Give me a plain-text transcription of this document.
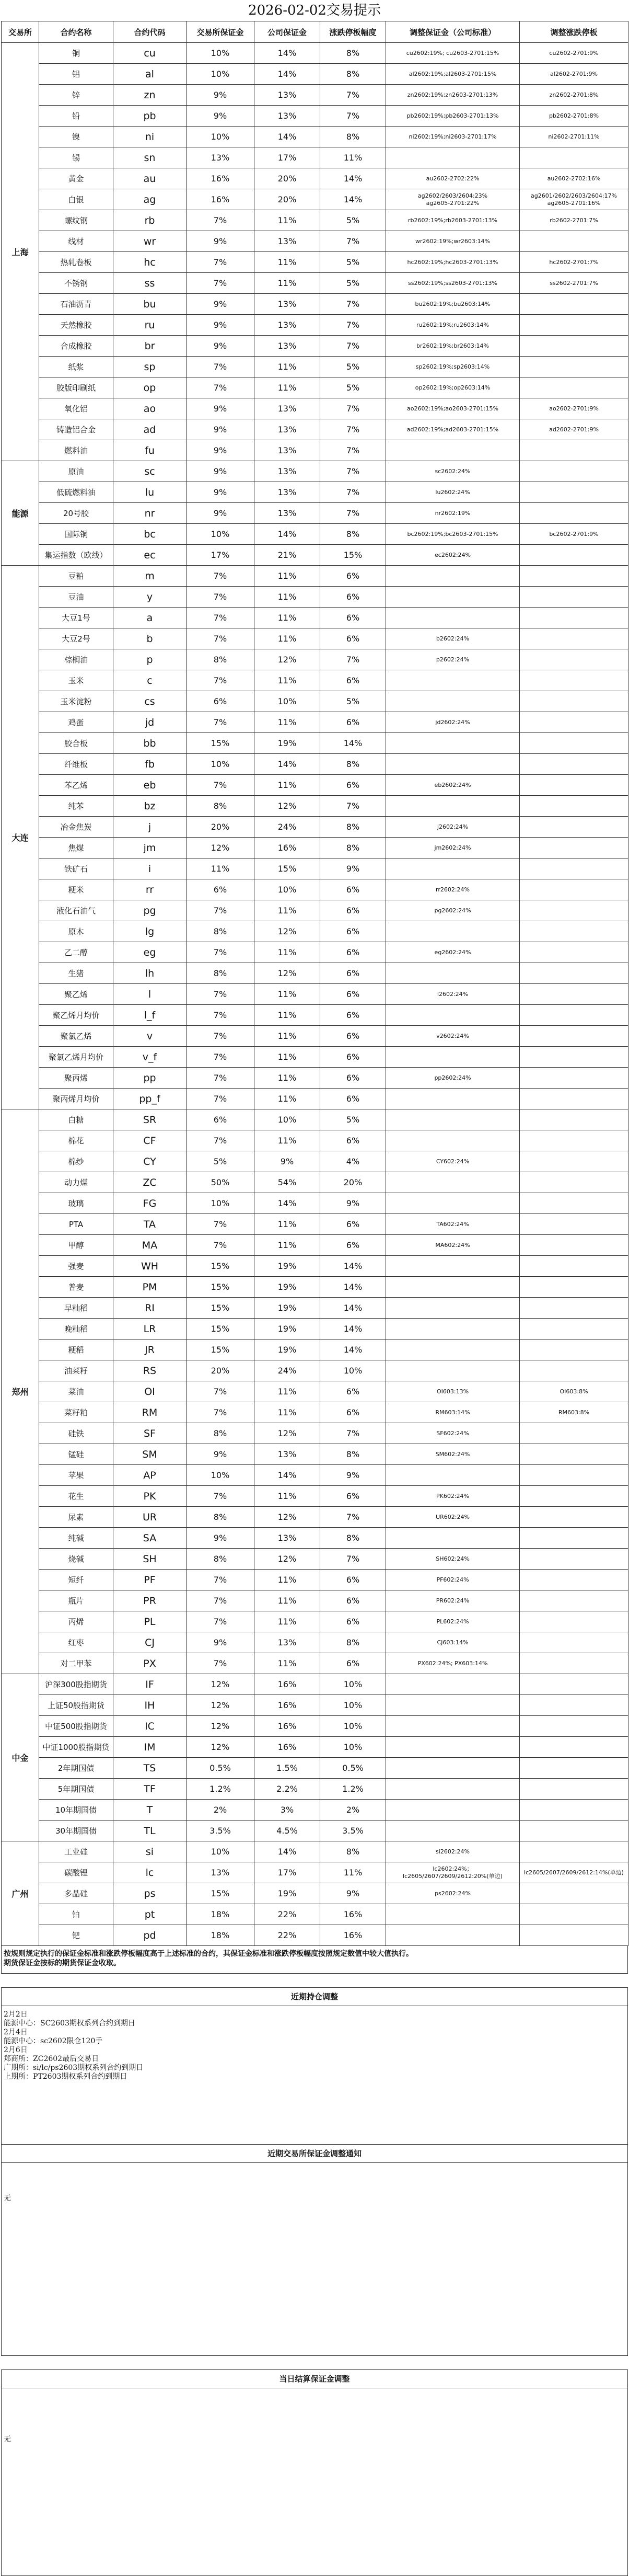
2026-02-02交易提示
交易所	合约名称	合约代码	交易所保证金	公司保证金	涨跌停板幅度	调整保证金（公司标准）	调整涨跌停板
上海	铜	cu	10%	14%	8%	cu2602:19%; cu2603-2701:15%	cu2602-2701:9%
	铝	al	10%	14%	8%	al2602:19%;al2603-2701:15%	al2602-2701:9%
	锌	zn	9%	13%	7%	zn2602:19%;zn2603-2701:13%	zn2602-2701:8%
	铅	pb	9%	13%	7%	pb2602:19%;pb2603-2701:13%	pb2602-2701:8%
	镍	ni	10%	14%	8%	ni2602:19%;ni2603-2701:17%	ni2602-2701:11%
	锡	sn	13%	17%	11%		
	黄金	au	16%	20%	14%	au2602-2702:22%	au2602-2702:16%
	白银	ag	16%	20%	14%	ag2602/2603/2604:23%
ag2605-2701:22%	ag2601/2602/2603/2604:17%
ag2605-2701:16%
	螺纹钢	rb	7%	11%	5%	rb2602:19%;rb2603-2701:13%	rb2602-2701:7%
	线材	wr	9%	13%	7%	wr2602:19%;wr2603:14%	
	热轧卷板	hc	7%	11%	5%	hc2602:19%;hc2603-2701:13%	hc2602-2701:7%
	不锈钢	ss	7%	11%	5%	ss2602:19%;ss2603-2701:13%	ss2602-2701:7%
	石油沥青	bu	9%	13%	7%	bu2602:19%;bu2603:14%	
	天然橡胶	ru	9%	13%	7%	ru2602:19%;ru2603:14%	
	合成橡胶	br	9%	13%	7%	br2602:19%;br2603:14%	
	纸浆	sp	7%	11%	5%	sp2602:19%;sp2603:14%	
	胶版印刷纸	op	7%	11%	5%	op2602:19%;op2603:14%	
	氧化铝	ao	9%	13%	7%	ao2602:19%;ao2603-2701:15%	ao2602-2701:9%
	铸造铝合金	ad	9%	13%	7%	ad2602:19%;ad2603-2701:15%	ad2602-2701:9%
	燃料油	fu	9%	13%	7%		
能源	原油	sc	9%	13%	7%	sc2602:24%	
	低硫燃料油	lu	9%	13%	7%	lu2602:24%	
	20号胶	nr	9%	13%	7%	nr2602:19%	
	国际铜	bc	10%	14%	8%	bc2602:19%;bc2603-2701:15%	bc2602-2701:9%
	集运指数（欧线）	ec	17%	21%	15%	ec2602:24%	
大连	豆粕	m	7%	11%	6%		
	豆油	y	7%	11%	6%		
	大豆1号	a	7%	11%	6%		
	大豆2号	b	7%	11%	6%	b2602:24%	
	棕榈油	p	8%	12%	7%	p2602:24%	
	玉米	c	7%	11%	6%		
	玉米淀粉	cs	6%	10%	5%		
	鸡蛋	jd	7%	11%	6%	jd2602:24%	
	胶合板	bb	15%	19%	14%		
	纤维板	fb	10%	14%	8%		
	苯乙烯	eb	7%	11%	6%	eb2602:24%	
	纯苯	bz	8%	12%	7%		
	冶金焦炭	j	20%	24%	8%	j2602:24%	
	焦煤	jm	12%	16%	8%	jm2602:24%	
	铁矿石	i	11%	15%	9%		
	粳米	rr	6%	10%	6%	rr2602:24%	
	液化石油气	pg	7%	11%	6%	pg2602:24%	
	原木	lg	8%	12%	6%		
	乙二醇	eg	7%	11%	6%	eg2602:24%	
	生猪	lh	8%	12%	6%		
	聚乙烯	l	7%	11%	6%	l2602:24%	
	聚乙烯月均价	l_f	7%	11%	6%		
	聚氯乙烯	v	7%	11%	6%	v2602:24%	
	聚氯乙烯月均价	v_f	7%	11%	6%		
	聚丙烯	pp	7%	11%	6%	pp2602:24%	
	聚丙烯月均价	pp_f	7%	11%	6%		
郑州	白糖	SR	6%	10%	5%		
	棉花	CF	7%	11%	6%		
	棉纱	CY	5%	9%	4%	CY602:24%	
	动力煤	ZC	50%	54%	20%		
	玻璃	FG	10%	14%	9%		
	PTA	TA	7%	11%	6%	TA602:24%	
	甲醇	MA	7%	11%	6%	MA602:24%	
	强麦	WH	15%	19%	14%		
	普麦	PM	15%	19%	14%		
	早籼稻	RI	15%	19%	14%		
	晚籼稻	LR	15%	19%	14%		
	粳稻	JR	15%	19%	14%		
	油菜籽	RS	20%	24%	10%		
	菜油	OI	7%	11%	6%	OI603:13%	OI603:8%
	菜籽粕	RM	7%	11%	6%	RM603:14%	RM603:8%
	硅铁	SF	8%	12%	7%	SF602:24%	
	锰硅	SM	9%	13%	8%	SM602:24%	
	苹果	AP	10%	14%	9%		
	花生	PK	7%	11%	6%	PK602:24%	
	尿素	UR	8%	12%	7%	UR602:24%	
	纯碱	SA	9%	13%	8%		
	烧碱	SH	8%	12%	7%	SH602:24%	
	短纤	PF	7%	11%	6%	PF602:24%	
	瓶片	PR	7%	11%	6%	PR602:24%	
	丙烯	PL	7%	11%	6%	PL602:24%	
	红枣	CJ	9%	13%	8%	CJ603:14%	
	对二甲苯	PX	7%	11%	6%	PX602:24%; PX603:14%	
中金	沪深300股指期货	IF	12%	16%	10%		
	上证50股指期货	IH	12%	16%	10%		
	中证500股指期货	IC	12%	16%	10%		
	中证1000股指期货	IM	12%	16%	10%		
	2年期国债	TS	0.5%	1.5%	0.5%		
	5年期国债	TF	1.2%	2.2%	1.2%		
	10年期国债	T	2%	3%	2%		
	30年期国债	TL	3.5%	4.5%	3.5%		
广州	工业硅	si	10%	14%	8%	si2602:24%	
	碳酸锂	lc	13%	17%	11%	lc2602:24%；
lc2605/2607/2609/2612:20%(单边)	lc2605/2607/2609/2612:14%(单边)
	多晶硅	ps	15%	19%	9%	ps2602:24%	
	铂	pt	18%	22%	16%		
	钯	pd	18%	22%	16%		
按规则规定执行的保证金标准和涨跌停板幅度高于上述标准的合约，其保证金标准和涨跌停板幅度按照规定数值中较大值执行。
期货保证金按标的期货保证金收取。
近期持仓调整
2月2日
能源中心：SC2603期权系列合约到期日
2月4日
能源中心：sc2602限仓120手
2月6日
郑商所：ZC2602最后交易日
广期所：si/lc/ps2603期权系列合约到期日
上期所：PT2603期权系列合约到期日
近期交易所保证金调整通知
无
当日结算保证金调整
无
